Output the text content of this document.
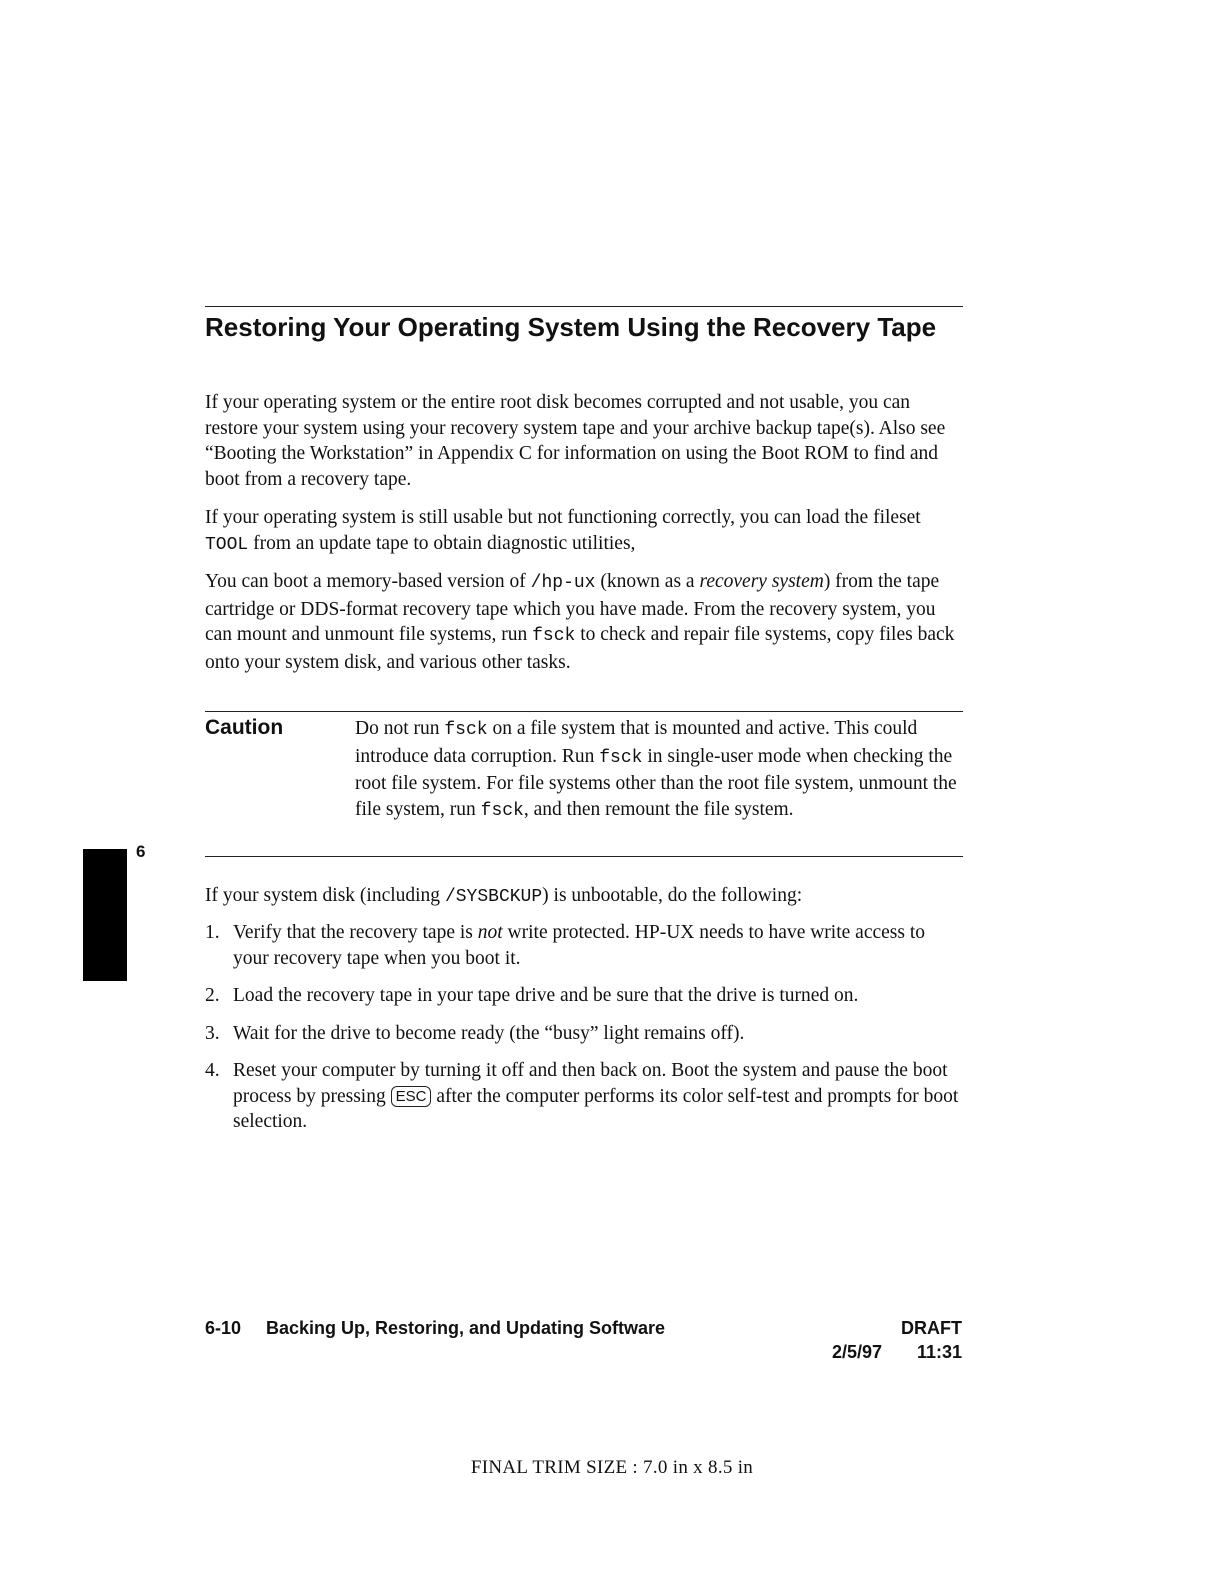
Restoring Your Operating System Using the Recovery Tape

If your operating system or the entire root disk becomes corrupted and not usable, you can restore your system using your recovery system tape and your archive backup tape(s). Also see “Booting the Workstation” in Appendix C for information on using the Boot ROM to find and boot from a recovery tape.

If your operating system is still usable but not functioning correctly, you can load the fileset TOOL from an update tape to obtain diagnostic utilities,

You can boot a memory-based version of /hp-ux (known as a recovery system) from the tape cartridge or DDS-format recovery tape which you have made. From the recovery system, you can mount and unmount file systems, run fsck to check and repair file systems, copy files back onto your system disk, and various other tasks.

Caution	Do not run fsck on a file system that is mounted and active. This could introduce data corruption. Run fsck in single-user mode when checking the root file system. For file systems other than the root file system, unmount the file system, run fsck, and then remount the file system.

6

If your system disk (including /SYSBCKUP) is unbootable, do the following:

1. Verify that the recovery tape is not write protected. HP-UX needs to have write access to your recovery tape when you boot it.
2. Load the recovery tape in your tape drive and be sure that the drive is turned on.
3. Wait for the drive to become ready (the “busy” light remains off).
4. Reset your computer by turning it off and then back on. Boot the system and pause the boot process by pressing ESC after the computer performs its color self-test and prompts for boot selection.

6-10 Backing Up, Restoring, and Updating Software	DRAFT

2/5/97 11:31

FINAL TRIM SIZE : 7.0 in x 8.5 in
